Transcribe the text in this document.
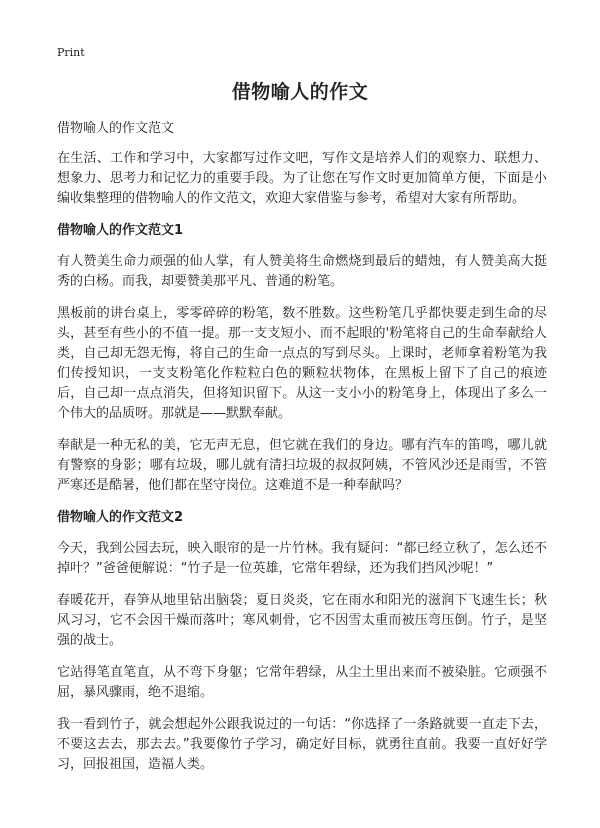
Print
借物喻人的作文

借物喻人的作文范文

在生活、工作和学习中，大家都写过作文吧，写作文是培养人们的观察力、联想力、想象力、思考力和记忆力的重要手段。为了让您在写作文时更加简单方便，下面是小编收集整理的借物喻人的作文范文，欢迎大家借鉴与参考，希望对大家有所帮助。

借物喻人的作文范文1

有人赞美生命力顽强的仙人掌，有人赞美将生命燃烧到最后的蜡烛，有人赞美高大挺秀的白杨。而我，却要赞美那平凡、普通的粉笔。

黑板前的讲台桌上，零零碎碎的粉笔，数不胜数。这些粉笔几乎都快要走到生命的尽头，甚至有些小的不值一提。那一支支短小、而不起眼的'粉笔将自己的生命奉献给人类，自己却无怨无悔，将自己的生命一点点的写到尽头。上课时，老师拿着粉笔为我们传授知识，一支支粉笔化作粒粒白色的颗粒状物体，在黑板上留下了自己的痕迹后，自己却一点点消失，但将知识留下。从这一支小小的粉笔身上，体现出了多么一个伟大的品质呀。那就是——默默奉献。

奉献是一种无私的美，它无声无息，但它就在我们的身边。哪有汽车的笛鸣，哪儿就有警察的身影；哪有垃圾，哪儿就有清扫垃圾的叔叔阿姨，不管风沙还是雨雪，不管严寒还是酷暑，他们都在坚守岗位。这难道不是一种奉献吗？

借物喻人的作文范文2

今天，我到公园去玩，映入眼帘的是一片竹林。我有疑问：“都已经立秋了，怎么还不掉叶？”爸爸便解说：“竹子是一位英雄，它常年碧绿，还为我们挡风沙呢！”

春暖花开，春笋从地里钻出脑袋；夏日炎炎，它在雨水和阳光的滋润下飞速生长；秋风习习，它不会因干燥而落叶；寒风刺骨，它不因雪太重而被压弯压倒。竹子，是坚强的战士。

它站得笔直笔直，从不弯下身躯；它常年碧绿，从尘土里出来而不被染脏。它顽强不屈，暴风骤雨，绝不退缩。

我一看到竹子，就会想起外公跟我说过的一句话：“你选择了一条路就要一直走下去，不要这去去，那去去。”我要像竹子学习，确定好目标，就勇往直前。我要一直好好学习，回报祖国，造福人类。
